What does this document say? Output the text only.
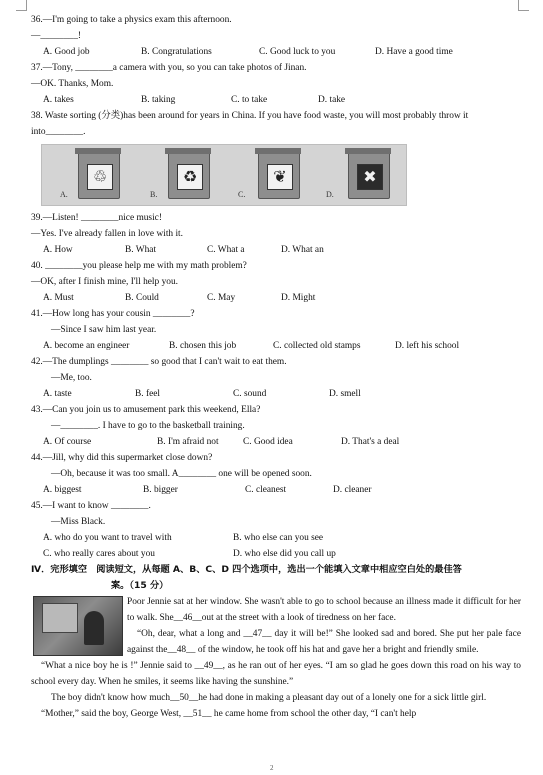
36.—I'm going to take a physics exam this afternoon.
—________!
A. Good job	B. Congratulations	C. Good luck to you	D. Have a good time
37.—Tony, ________a camera with you, so you can take photos of Jinan.
—OK. Thanks, Mom.
A. takes	B. taking	C. to take	D. take
38. Waste sorting (分类)has been around for years in China. If you have food waste, you will most probably throw it into________.
♲	♻	❦	✖
A.	B.	C.	D.
39.—Listen! ________nice music!
—Yes. I've already fallen in love with it.
A. How	B. What	C. What a	D. What an
40. ________you please help me with my math problem?
—OK, after I finish mine, I'll help you.
A. Must	B. Could	C. May	D. Might
41.—How long has your cousin ________?
—Since I saw him last year.
A. become an engineer	B. chosen this job	C. collected old stamps	D. left his school
42.—The dumplings ________ so good that I can't wait to eat them.
—Me, too.
A. taste	B. feel	C. sound	D. smell
43.—Can you join us to amusement park this weekend, Ella?
—________. I have to go to the basketball training.
A. Of course	B. I'm afraid not	C. Good idea	D. That's a deal
44.—Jill, why did this supermarket close down?
—Oh, because it was too small. A________ one will be opened soon.
A. biggest	B. bigger	C. cleanest	D. cleaner
45.—I want to know ________.
—Miss Black.
A. who do you want to travel with	B. who else can you see
C. who really cares about you	D. who else did you call up
Ⅳ．完形填空　阅读短文，从每题 A、B、C、D 四个选项中，选出一个能填入文章中相应空白处的最佳答
案。（15 分）
Poor Jennie sat at her window. She wasn't able to go to school because an illness made it difficult for her to walk. She__46__out at the street with a look of tiredness on her face.
“Oh, dear, what a long and __47__ day it will be!” She looked sad and bored. She put her pale face against the__48__ of the window, he took off his hat and gave her a bright and friendly smile.
“What a nice boy he is !” Jennie said to __49__, as he ran out of her eyes. “I am so glad he goes down this road on his way to school every day. When he smiles, it seems like having the sunshine.”
The boy didn't know how much__50__he had done in making a pleasant day out of a lonely one for a sick little girl.
“Mother,” said the boy, George West, __51__ he came home from school the other day, “I can't help
2
